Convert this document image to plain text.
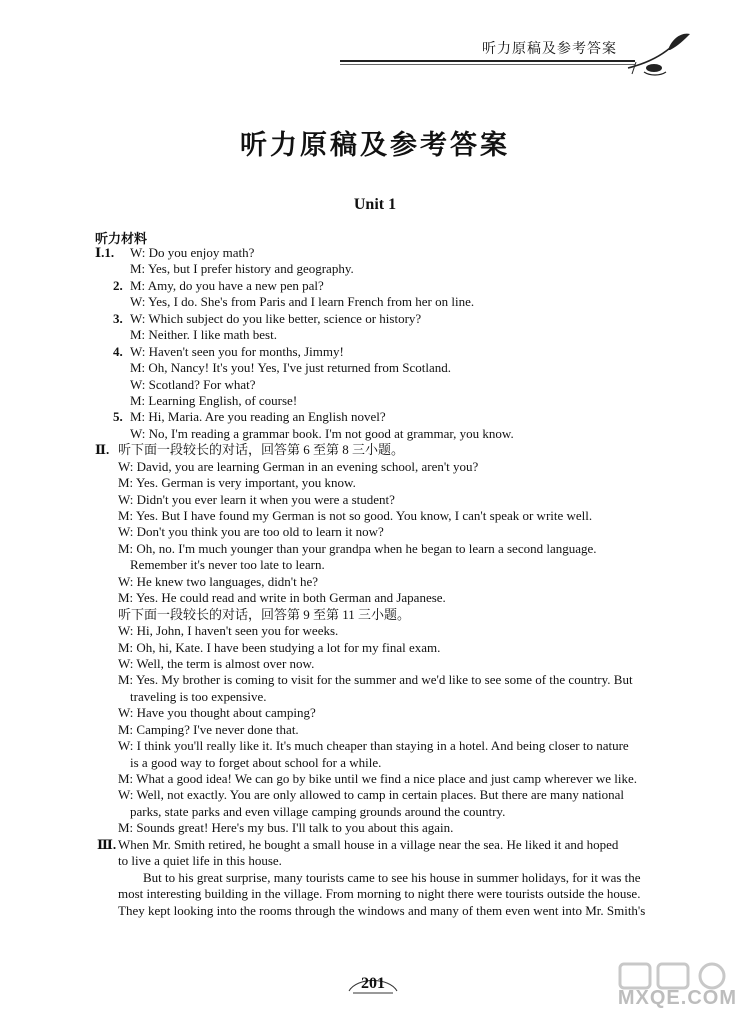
听力原稿及参考答案
听力原稿及参考答案
Unit 1
听力材料
Ⅰ.1. W: Do you enjoy math?
M: Yes, but I prefer history and geography.
2. M: Amy, do you have a new pen pal?
W: Yes, I do. She's from Paris and I learn French from her on line.
3. W: Which subject do you like better, science or history?
M: Neither. I like math best.
4. W: Haven't seen you for months, Jimmy!
M: Oh, Nancy! It's you! Yes, I've just returned from Scotland.
W: Scotland? For what?
M: Learning English, of course!
5. M: Hi, Maria. Are you reading an English novel?
W: No, I'm reading a grammar book. I'm not good at grammar, you know.
Ⅱ. 听下面一段较长的对话，回答第 6 至第 8 三小题。
W: David, you are learning German in an evening school, aren't you?
M: Yes. German is very important, you know.
W: Didn't you ever learn it when you were a student?
M: Yes. But I have found my German is not so good. You know, I can't speak or write well.
W: Don't you think you are too old to learn it now?
M: Oh, no. I'm much younger than your grandpa when he began to learn a second language.
Remember it's never too late to learn.
W: He knew two languages, didn't he?
M: Yes. He could read and write in both German and Japanese.
听下面一段较长的对话，回答第 9 至第 11 三小题。
W: Hi, John, I haven't seen you for weeks.
M: Oh, hi, Kate. I have been studying a lot for my final exam.
W: Well, the term is almost over now.
M: Yes. My brother is coming to visit for the summer and we'd like to see some of the country. But
traveling is too expensive.
W: Have you thought about camping?
M: Camping? I've never done that.
W: I think you'll really like it. It's much cheaper than staying in a hotel. And being closer to nature
is a good way to forget about school for a while.
M: What a good idea! We can go by bike until we find a nice place and just camp wherever we like.
W: Well, not exactly. You are only allowed to camp in certain places. But there are many national
parks, state parks and even village camping grounds around the country.
M: Sounds great! Here's my bus. I'll talk to you about this again.
Ⅲ. When Mr. Smith retired, he bought a small house in a village near the sea. He liked it and hoped
to live a quiet life in this house.
But to his great surprise, many tourists came to see his house in summer holidays, for it was the
most interesting building in the village. From morning to night there were tourists outside the house.
They kept looking into the rooms through the windows and many of them even went into Mr. Smith's
201
MXQE.COM
